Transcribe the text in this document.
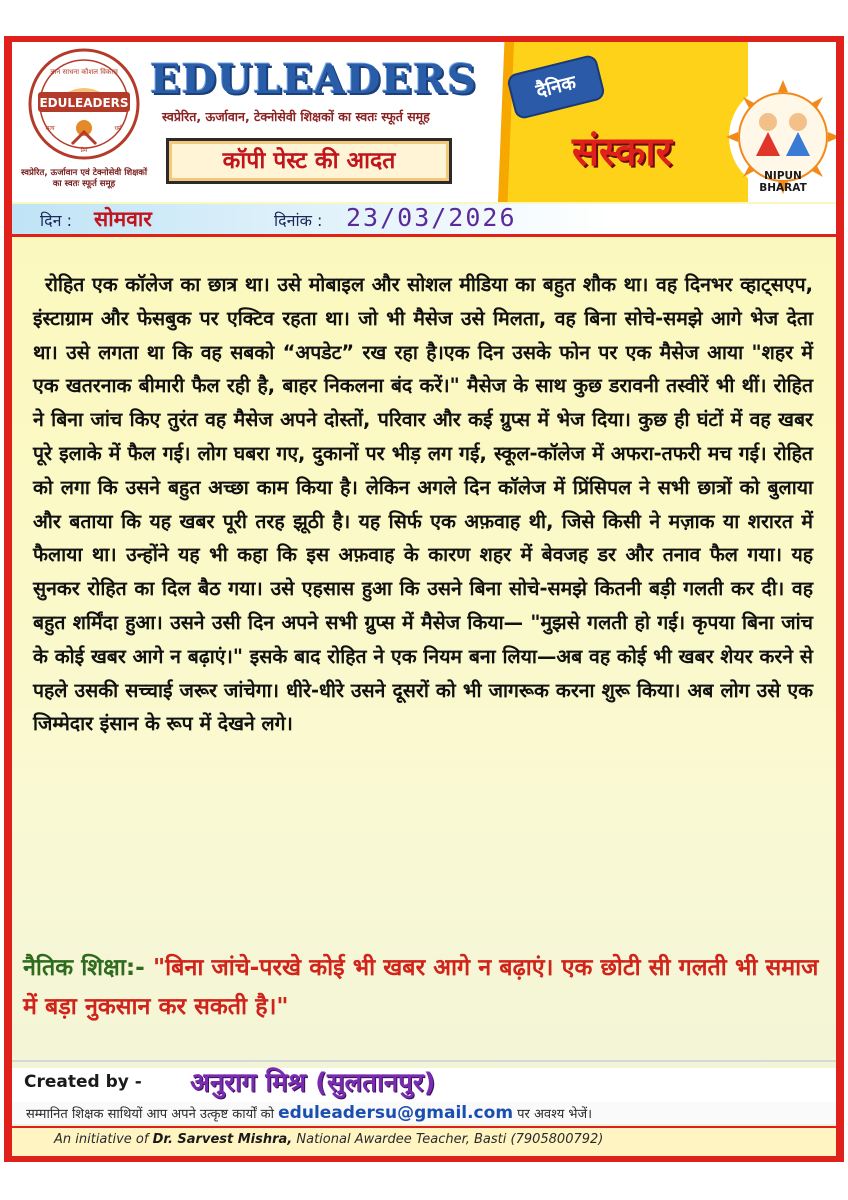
EDULEADERS
ज्ञान साधना कौशल विकास
सत्य	धर्म
प्रेम
स्वप्रेरित, ऊर्जावान एवं टेक्नोसेवी शिक्षकों का स्वतः स्फूर्त समूह
EDULEADERS
स्वप्रेरित, ऊर्जावान, टेक्नोसेवी शिक्षकों का स्वतः स्फूर्त समूह
कॉपी पेस्ट की आदत
दैनिक
संस्कार
NIPUN BHARAT
दिन : सोमवार	दिनांक : 23/03/2026
रोहित एक कॉलेज का छात्र था। उसे मोबाइल और सोशल मीडिया का बहुत शौक था। वह दिनभर व्हाट्सएप, इंस्टाग्राम और फेसबुक पर एक्टिव रहता था। जो भी मैसेज उसे मिलता, वह बिना सोचे-समझे आगे भेज देता था। उसे लगता था कि वह सबको “अपडेट” रख रहा है।एक दिन उसके फोन पर एक मैसेज आया "शहर में एक खतरनाक बीमारी फैल रही है, बाहर निकलना बंद करें।" मैसेज के साथ कुछ डरावनी तस्वीरें भी थीं। रोहित ने बिना जांच किए तुरंत वह मैसेज अपने दोस्तों, परिवार और कई ग्रुप्स में भेज दिया। कुछ ही घंटों में वह खबर पूरे इलाके में फैल गई। लोग घबरा गए, दुकानों पर भीड़ लग गई, स्कूल-कॉलेज में अफरा-तफरी मच गई। रोहित को लगा कि उसने बहुत अच्छा काम किया है। लेकिन अगले दिन कॉलेज में प्रिंसिपल ने सभी छात्रों को बुलाया और बताया कि यह खबर पूरी तरह झूठी है। यह सिर्फ एक अफ़वाह थी, जिसे किसी ने मज़ाक या शरारत में फैलाया था। उन्होंने यह भी कहा कि इस अफ़वाह के कारण शहर में बेवजह डर और तनाव फैल गया। यह सुनकर रोहित का दिल बैठ गया। उसे एहसास हुआ कि उसने बिना सोचे-समझे कितनी बड़ी गलती कर दी। वह बहुत शर्मिंदा हुआ। उसने उसी दिन अपने सभी ग्रुप्स में मैसेज किया— "मुझसे गलती हो गई। कृपया बिना जांच के कोई खबर आगे न बढ़ाएं।" इसके बाद रोहित ने एक नियम बना लिया—अब वह कोई भी खबर शेयर करने से पहले उसकी सच्चाई जरूर जांचेगा। धीरे-धीरे उसने दूसरों को भी जागरूक करना शुरू किया। अब लोग उसे एक जिम्मेदार इंसान के रूप में देखने लगे।
नैतिक शिक्षा:- "बिना जांचे-परखे कोई भी खबर आगे न बढ़ाएं। एक छोटी सी गलती भी समाज में बड़ा नुकसान कर सकती है।"
Created by - अनुराग मिश्र (सुलतानपुर)
सम्मानित शिक्षक साथियों आप अपने उत्कृष्ट कार्यों को eduleadersu@gmail.com पर अवश्य भेजें।
An initiative of Dr. Sarvest Mishra, National Awardee Teacher, Basti (7905800792)
